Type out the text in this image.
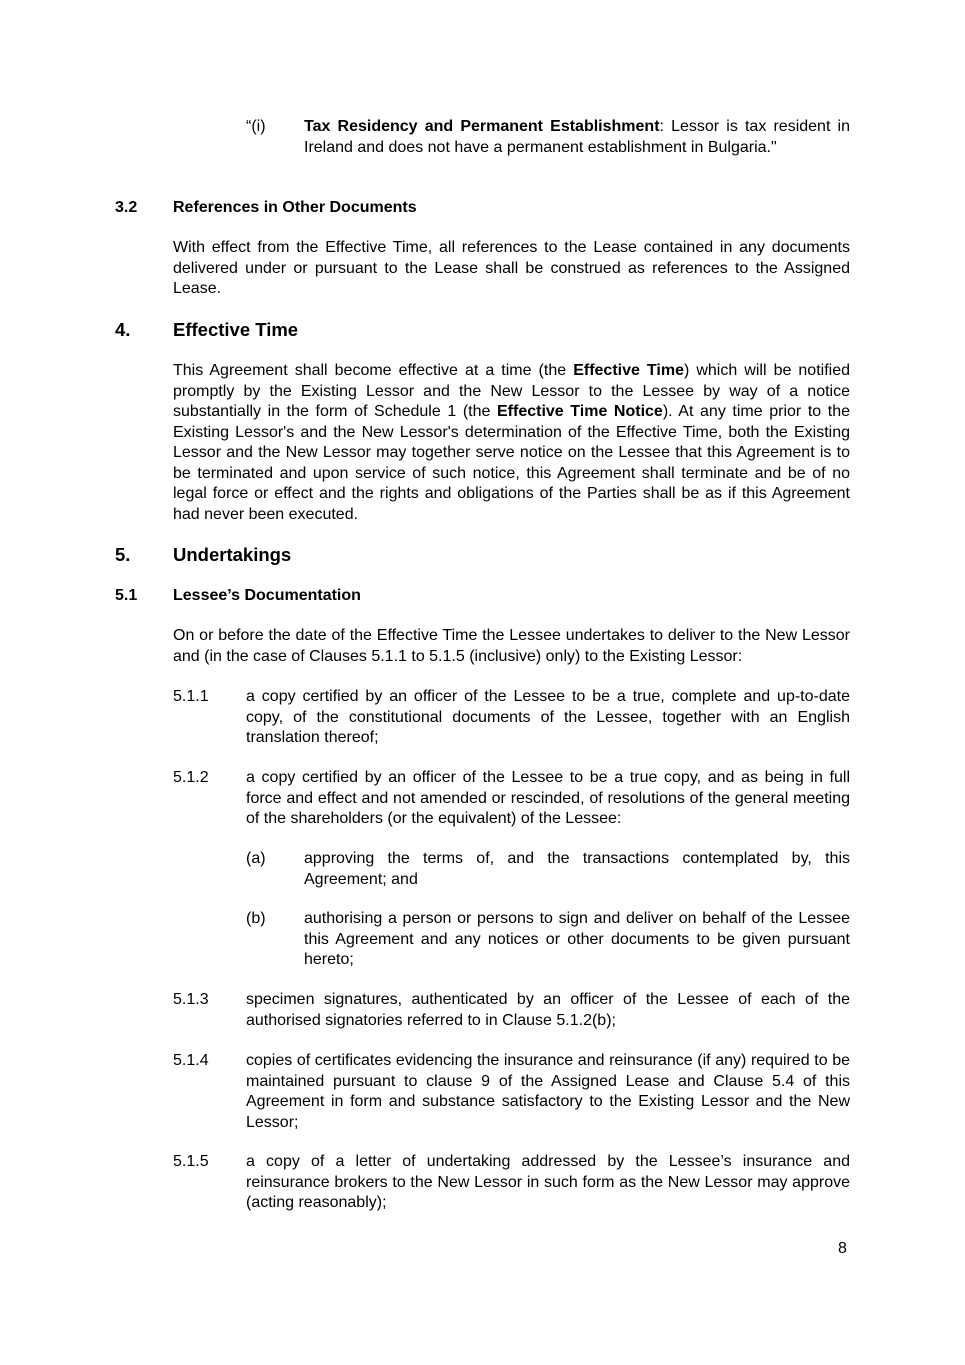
“(i) Tax Residency and Permanent Establishment: Lessor is tax resident in Ireland and does not have a permanent establishment in Bulgaria."
3.2 References in Other Documents
With effect from the Effective Time, all references to the Lease contained in any documents delivered under or pursuant to the Lease shall be construed as references to the Assigned Lease.
4. Effective Time
This Agreement shall become effective at a time (the Effective Time) which will be notified promptly by the Existing Lessor and the New Lessor to the Lessee by way of a notice substantially in the form of Schedule 1 (the Effective Time Notice). At any time prior to the Existing Lessor's and the New Lessor's determination of the Effective Time, both the Existing Lessor and the New Lessor may together serve notice on the Lessee that this Agreement is to be terminated and upon service of such notice, this Agreement shall terminate and be of no legal force or effect and the rights and obligations of the Parties shall be as if this Agreement had never been executed.
5. Undertakings
5.1 Lessee’s Documentation
On or before the date of the Effective Time the Lessee undertakes to deliver to the New Lessor and (in the case of Clauses 5.1.1 to 5.1.5 (inclusive) only) to the Existing Lessor:
5.1.1 a copy certified by an officer of the Lessee to be a true, complete and up-to-date copy, of the constitutional documents of the Lessee, together with an English translation thereof;
5.1.2 a copy certified by an officer of the Lessee to be a true copy, and as being in full force and effect and not amended or rescinded, of resolutions of the general meeting of the shareholders (or the equivalent) of the Lessee:
(a) approving the terms of, and the transactions contemplated by, this Agreement; and
(b) authorising a person or persons to sign and deliver on behalf of the Lessee this Agreement and any notices or other documents to be given pursuant hereto;
5.1.3 specimen signatures, authenticated by an officer of the Lessee of each of the authorised signatories referred to in Clause 5.1.2(b);
5.1.4 copies of certificates evidencing the insurance and reinsurance (if any) required to be maintained pursuant to clause 9 of the Assigned Lease and Clause 5.4 of this Agreement in form and substance satisfactory to the Existing Lessor and the New Lessor;
5.1.5 a copy of a letter of undertaking addressed by the Lessee’s insurance and reinsurance brokers to the New Lessor in such form as the New Lessor may approve (acting reasonably);
8
